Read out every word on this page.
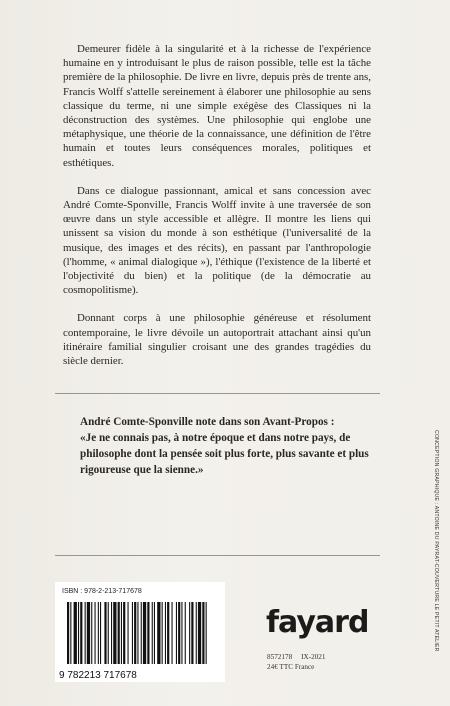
Demeurer fidèle à la singularité et à la richesse de l'expérience humaine en y introduisant le plus de raison possible, telle est la tâche première de la philosophie. De livre en livre, depuis près de trente ans, Francis Wolff s'attelle sereinement à élaborer une philosophie au sens classique du terme, ni une simple exégèse des Classiques ni la déconstruction des systèmes. Une philosophie qui englobe une métaphysique, une théorie de la connaissance, une définition de l'être humain et toutes leurs conséquences morales, politiques et esthétiques.

Dans ce dialogue passionnant, amical et sans concession avec André Comte-Sponville, Francis Wolff invite à une traversée de son œuvre dans un style accessible et allègre. Il montre les liens qui unissent sa vision du monde à son esthétique (l'universalité de la musique, des images et des récits), en passant par l'anthropologie (l'homme, « animal dialogique »), l'éthique (l'existence de la liberté et l'objectivité du bien) et la politique (de la démocratie au cosmopolitisme).

Donnant corps à une philosophie généreuse et résolument contemporaine, le livre dévoile un autoportrait attachant ainsi qu'un itinéraire familial singulier croisant une des grandes tragédies du siècle dernier.

André Comte-Sponville note dans son Avant-Propos :

«Je ne connais pas, à notre époque et dans notre pays, de philosophe dont la pensée soit plus forte, plus savante et plus rigoureuse que la sienne.»	CONCEPTION GRAPHIQUE : ANTOINE DU PAYRAT-COUVERTURE LE PETIT ATELIER
ISBN : 978-2-213-717678
9 782213 717678
fayard
8572178 IX-2021
24€ TTC France
